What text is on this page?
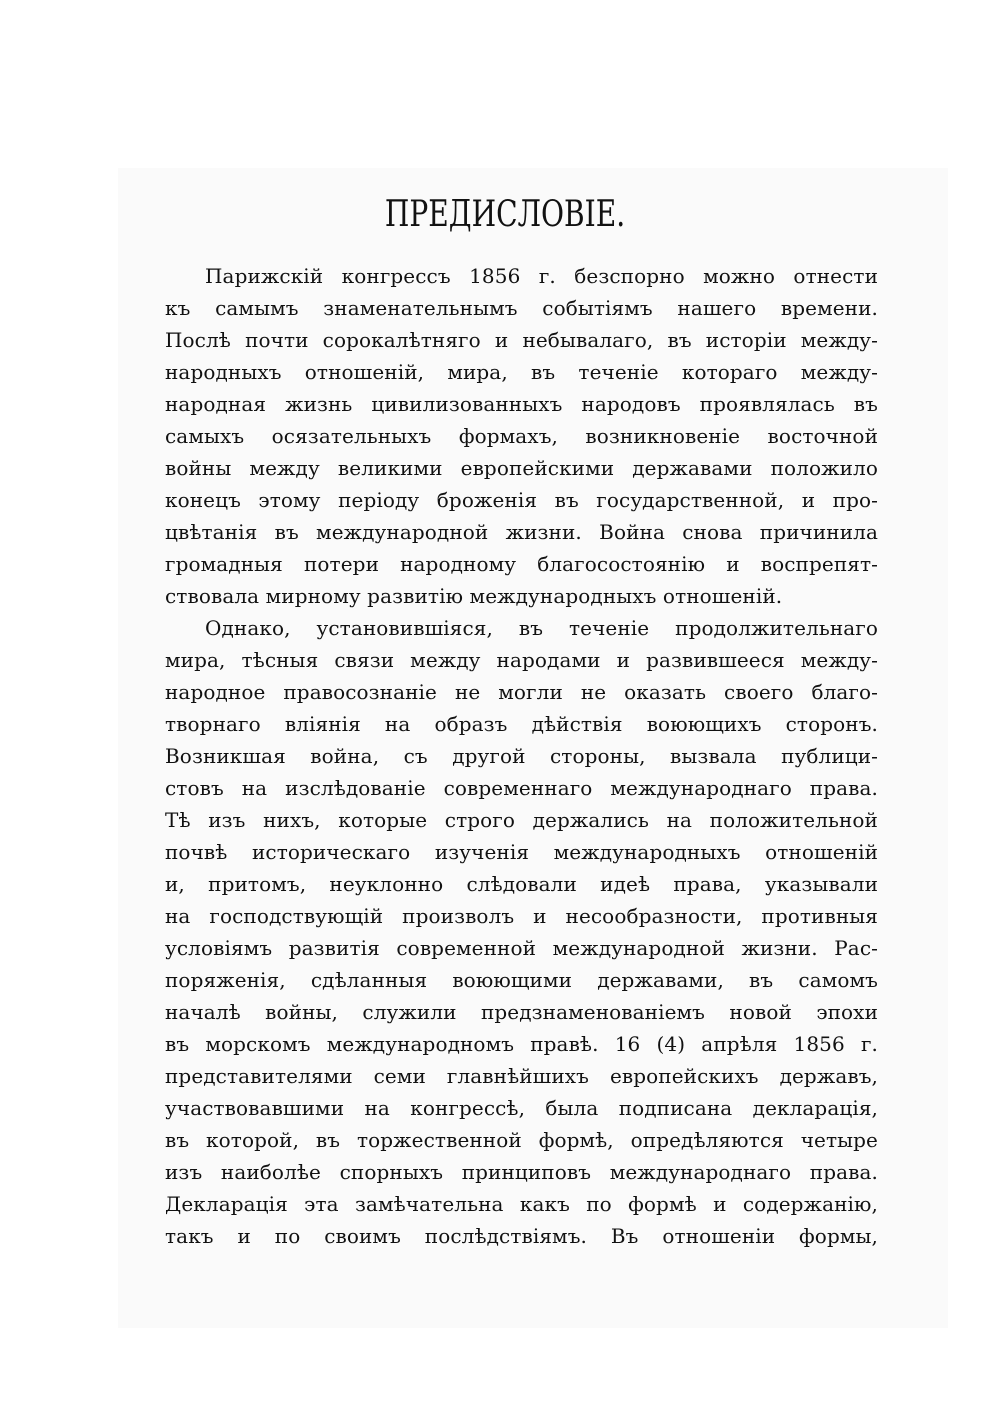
ПРЕДИСЛОВІЕ.
Парижскій конгрессъ 1856 г. безспорно можно отнести
къ самымъ знаменательнымъ событіямъ нашего времени.
Послѣ почти сорокалѣтняго и небывалаго, въ исторіи между-
народныхъ отношеній, мира, въ теченіе котораго между-
народная жизнь цивилизованныхъ народовъ проявлялась въ
самыхъ осязательныхъ формахъ, возникновеніе восточной
войны между великими европейскими державами положило
конецъ этому періоду броженія въ государственной, и про-
цвѣтанія въ международной жизни. Война снова причинила
громадныя потери народному благосостоянію и воспрепят-
ствовала мирному развитію международныхъ отношеній.
Однако, установившіяся, въ теченіе продолжительнаго
мира, тѣсныя связи между народами и развившееся между-
народное правосознаніе не могли не оказать своего благо-
творнаго вліянія на образъ дѣйствія воюющихъ сторонъ.
Возникшая война, съ другой стороны, вызвала публици-
стовъ на изслѣдованіе современнаго международнаго права.
Тѣ изъ нихъ, которые строго держались на положительной
почвѣ историческаго изученія международныхъ отношеній
и, притомъ, неуклонно слѣдовали идеѣ права, указывали
на господствующій произволъ и несообразности, противныя
условіямъ развитія современной международной жизни. Рас-
поряженія, сдѣланныя воюющими державами, въ самомъ
началѣ войны, служили предзнаменованіемъ новой эпохи
въ морскомъ международномъ правѣ. 16 (4) апрѣля 1856 г.
представителями семи главнѣйшихъ европейскихъ державъ,
участвовавшими на конгрессѣ, была подписана декларація,
въ которой, въ торжественной формѣ, опредѣляются четыре
изъ наиболѣе спорныхъ принциповъ международнаго права.
Декларація эта замѣчательна какъ по формѣ и содержанію,
такъ и по своимъ послѣдствіямъ. Въ отношеніи формы,
